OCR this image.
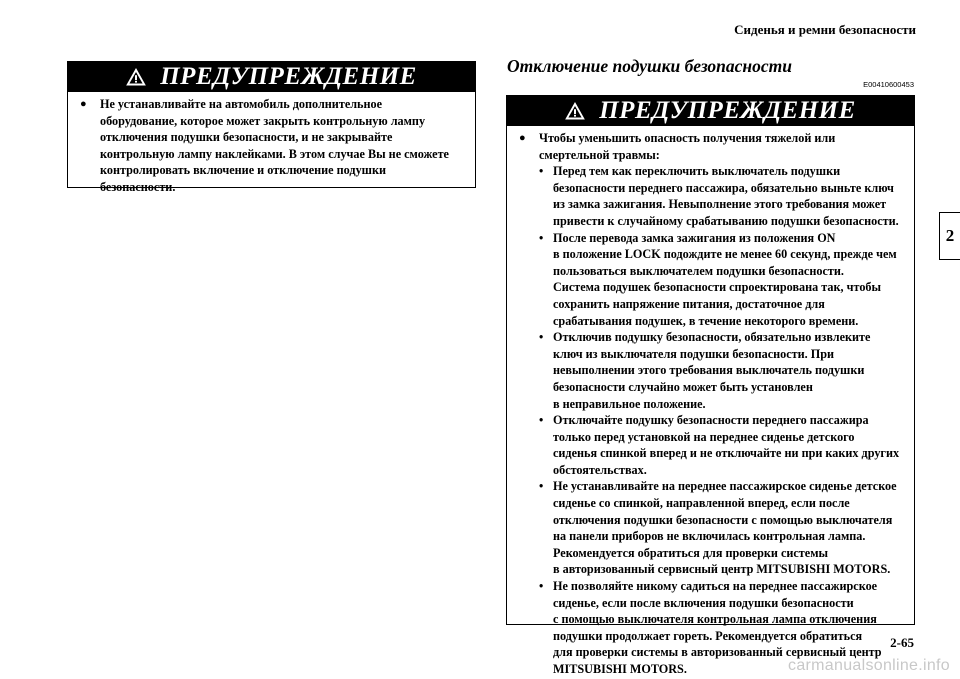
Сиденья и ремни безопасности
2
ПРЕДУПРЕЖДЕНИЕ
● Не устанавливайте на автомобиль дополнительное
оборудование, которое может закрыть контрольную лампу
отключения подушки безопасности, и не закрывайте
контрольную лампу наклейками. В этом случае Вы не сможете
контролировать включение и отключение подушки
безопасности.
Отключение подушки безопасности
E00410600453
ПРЕДУПРЕЖДЕНИЕ
● Чтобы уменьшить опасность получения тяжелой или
смертельной травмы:
• Перед тем как переключить выключатель подушки
безопасности переднего пассажира, обязательно выньте ключ
из замка зажигания. Невыполнение этого требования может
привести к случайному срабатыванию подушки безопасности.
• После перевода замка зажигания из положения ON
в положение LOCK подождите не менее 60 секунд, прежде чем
пользоваться выключателем подушки безопасности.
Система подушек безопасности спроектирована так, чтобы
сохранить напряжение питания, достаточное для
срабатывания подушек, в течение некоторого времени.
• Отключив подушку безопасности, обязательно извлеките
ключ из выключателя подушки безопасности. При
невыполнении этого требования выключатель подушки
безопасности случайно может быть установлен
в неправильное положение.
• Отключайте подушку безопасности переднего пассажира
только перед установкой на переднее сиденье детского
сиденья спинкой вперед и не отключайте ни при каких других
обстоятельствах.
• Не устанавливайте на переднее пассажирское сиденье детское
сиденье со спинкой, направленной вперед, если после
отключения подушки безопасности с помощью выключателя
на панели приборов не включилась контрольная лампа.
Рекомендуется обратиться для проверки системы
в авторизованный сервисный центр MITSUBISHI MOTORS.
• Не позволяйте никому садиться на переднее пассажирское
сиденье, если после включения подушки безопасности
с помощью выключателя контрольная лампа отключения
подушки продолжает гореть. Рекомендуется обратиться
для проверки системы в авторизованный сервисный центр
MITSUBISHI MOTORS.
2-65
carmanualsonline.info
